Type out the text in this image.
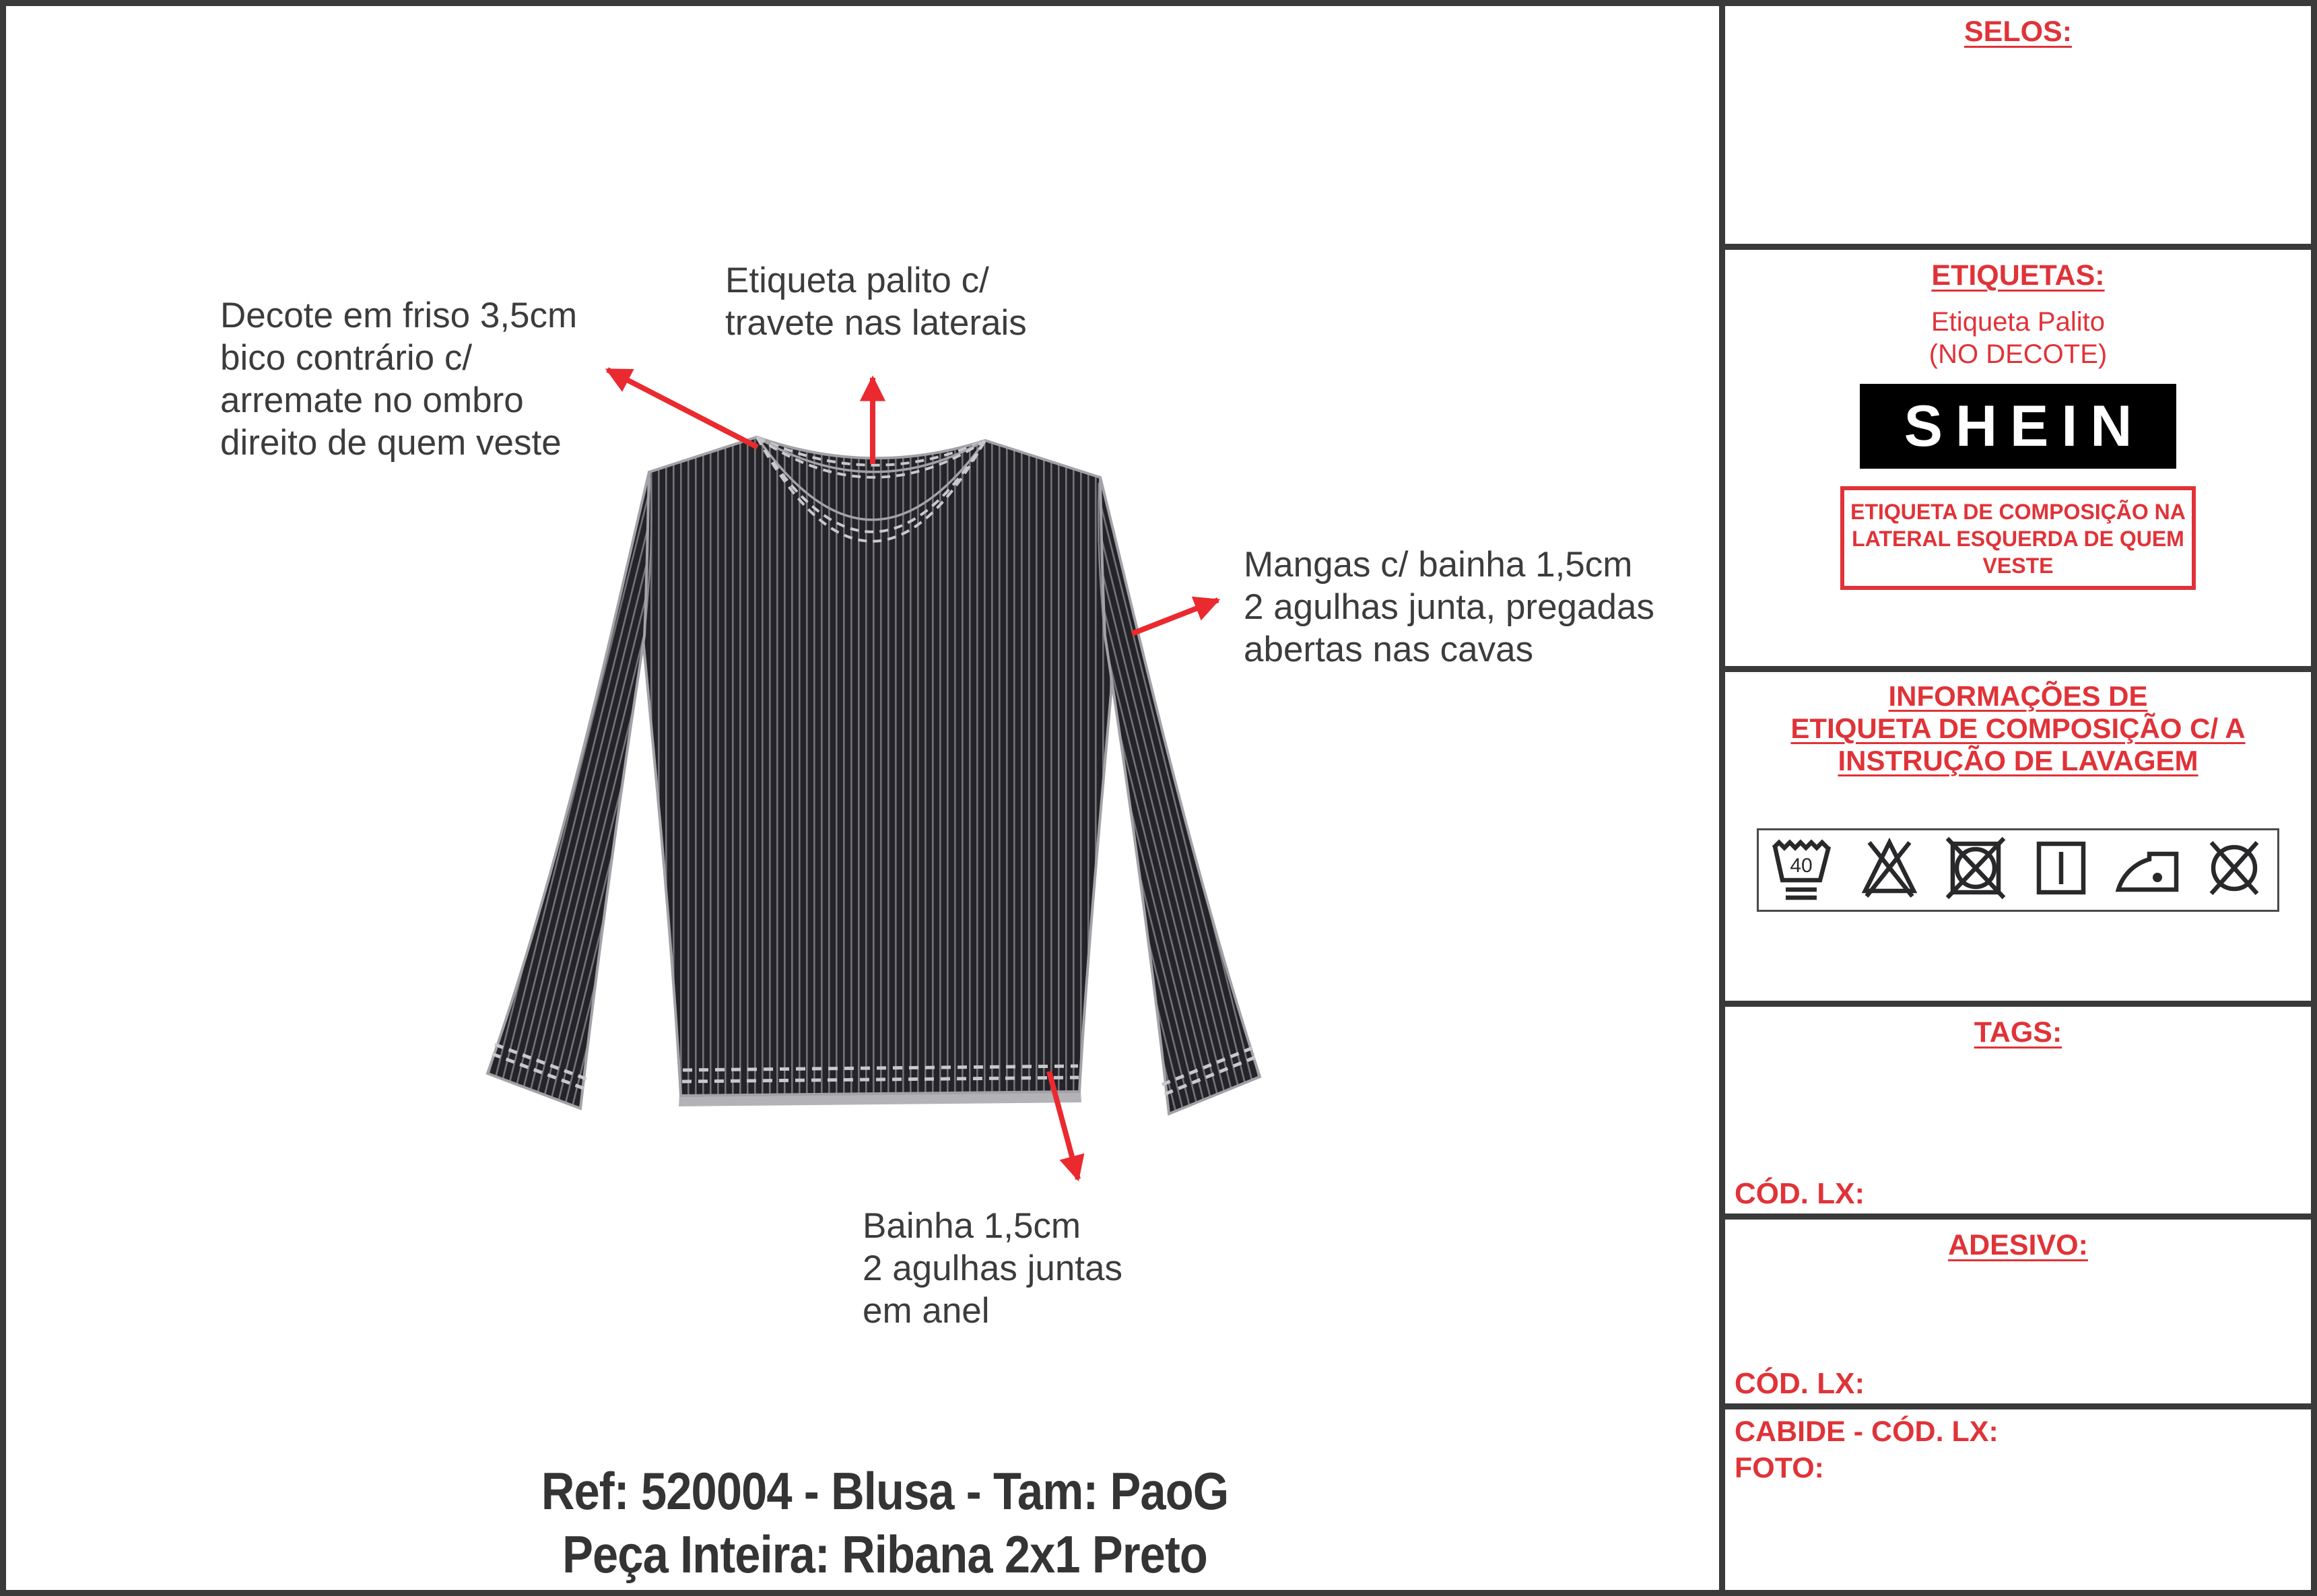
Decote em friso 3,5cm
bico contrário c/
arremate no ombro
direito de quem veste
Etiqueta palito c/
travete nas laterais
Mangas c/ bainha 1,5cm
2 agulhas junta, pregadas
abertas nas cavas
Bainha 1,5cm
2 agulhas juntas
em anel
Ref: 520004 - Blusa - Tam: PaoG
Peça Inteira: Ribana 2x1 Preto
SELOS:
ETIQUETAS:
Etiqueta Palito
(NO DECOTE)
SHEIN
ETIQUETA DE COMPOSIÇÃO NA
LATERAL ESQUERDA DE QUEM
VESTE
INFORMAÇÕES DE
ETIQUETA DE COMPOSIÇÃO C/ A
INSTRUÇÃO DE LAVAGEM
40
TAGS:
CÓD. LX:
ADESIVO:
CÓD. LX:
CABIDE - CÓD. LX:
FOTO:
